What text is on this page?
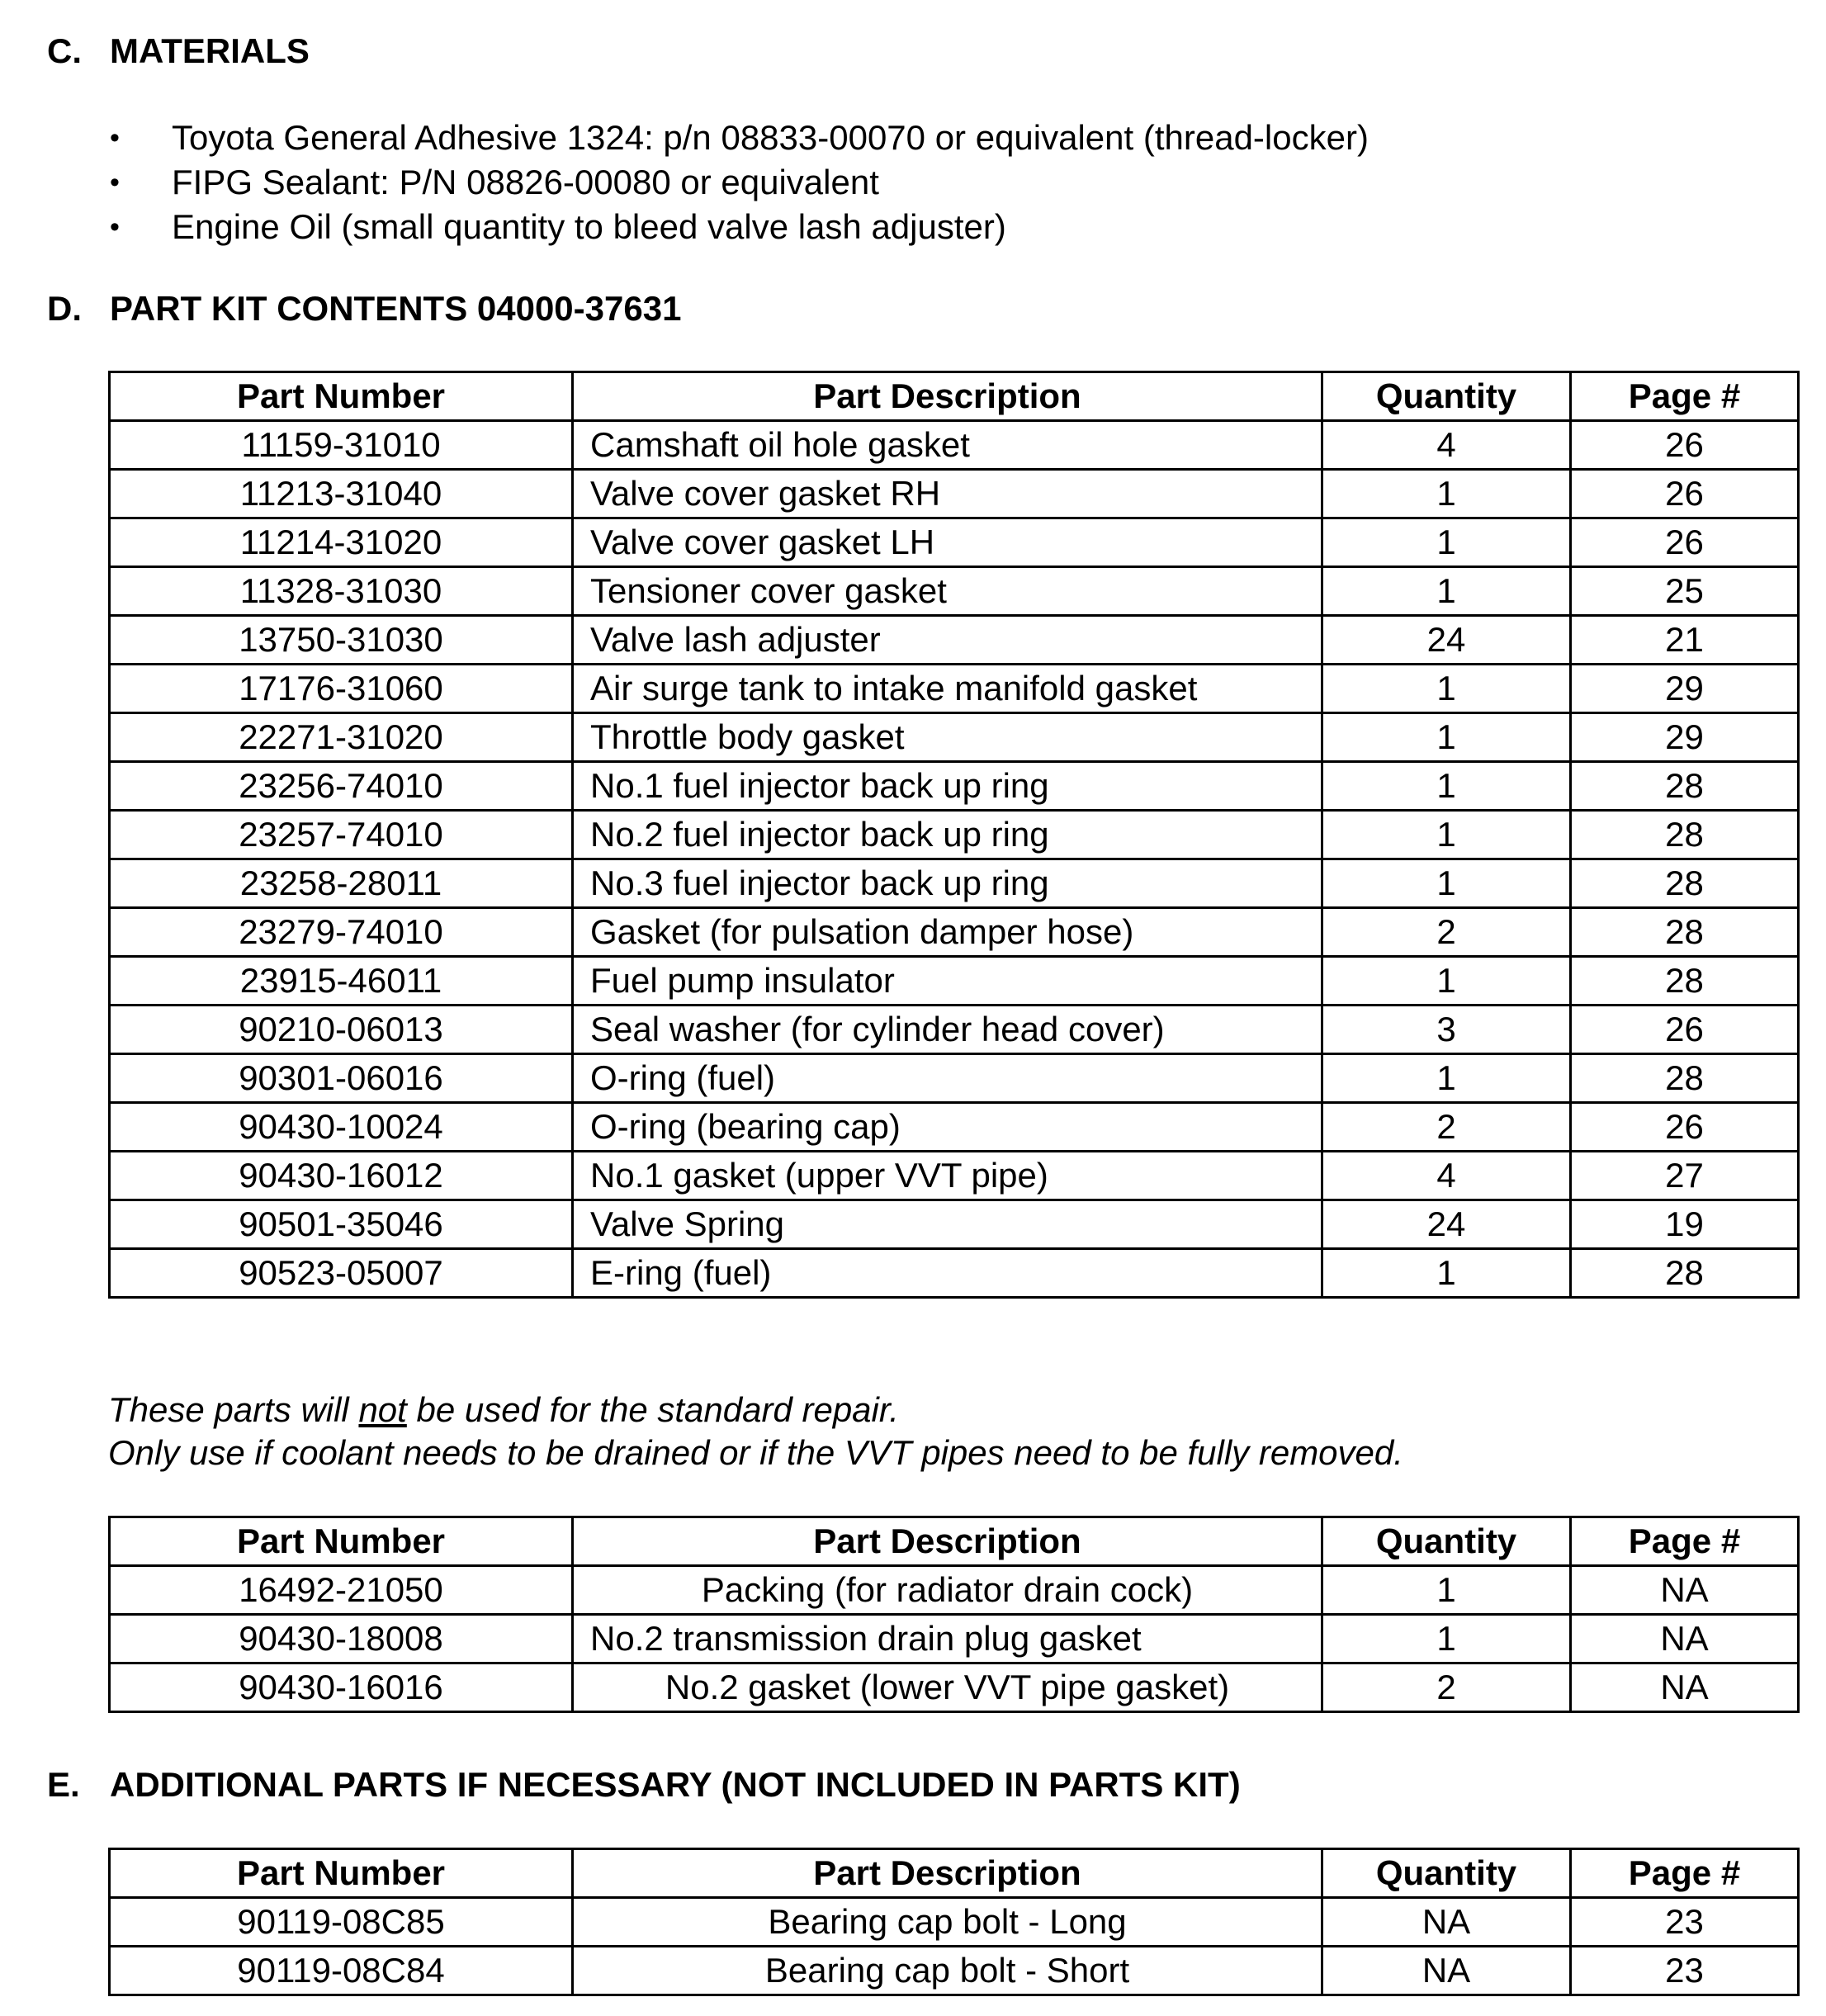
C. MATERIALS
• Toyota General Adhesive 1324: p/n 08833-00070 or equivalent (thread-locker)
• FIPG Sealant: P/N 08826-00080 or equivalent
• Engine Oil (small quantity to bleed valve lash adjuster)
D. PART KIT CONTENTS 04000-37631
Part Number	Part Description	Quantity	Page #
11159-31010	Camshaft oil hole gasket	4	26
11213-31040	Valve cover gasket RH	1	26
11214-31020	Valve cover gasket LH	1	26
11328-31030	Tensioner cover gasket	1	25
13750-31030	Valve lash adjuster	24	21
17176-31060	Air surge tank to intake manifold gasket	1	29
22271-31020	Throttle body gasket	1	29
23256-74010	No.1 fuel injector back up ring	1	28
23257-74010	No.2 fuel injector back up ring	1	28
23258-28011	No.3 fuel injector back up ring	1	28
23279-74010	Gasket (for pulsation damper hose)	2	28
23915-46011	Fuel pump insulator	1	28
90210-06013	Seal washer (for cylinder head cover)	3	26
90301-06016	O-ring (fuel)	1	28
90430-10024	O-ring (bearing cap)	2	26
90430-16012	No.1 gasket (upper VVT pipe)	4	27
90501-35046	Valve Spring	24	19
90523-05007	E-ring (fuel)	1	28
These parts will not be used for the standard repair.
Only use if coolant needs to be drained or if the VVT pipes need to be fully removed.
Part Number	Part Description	Quantity	Page #
16492-21050	Packing (for radiator drain cock)	1	NA
90430-18008	No.2 transmission drain plug gasket	1	NA
90430-16016	No.2 gasket (lower VVT pipe gasket)	2	NA
E. ADDITIONAL PARTS IF NECESSARY (NOT INCLUDED IN PARTS KIT)
Part Number	Part Description	Quantity	Page #
90119-08C85	Bearing cap bolt - Long	NA	23
90119-08C84	Bearing cap bolt - Short	NA	23
